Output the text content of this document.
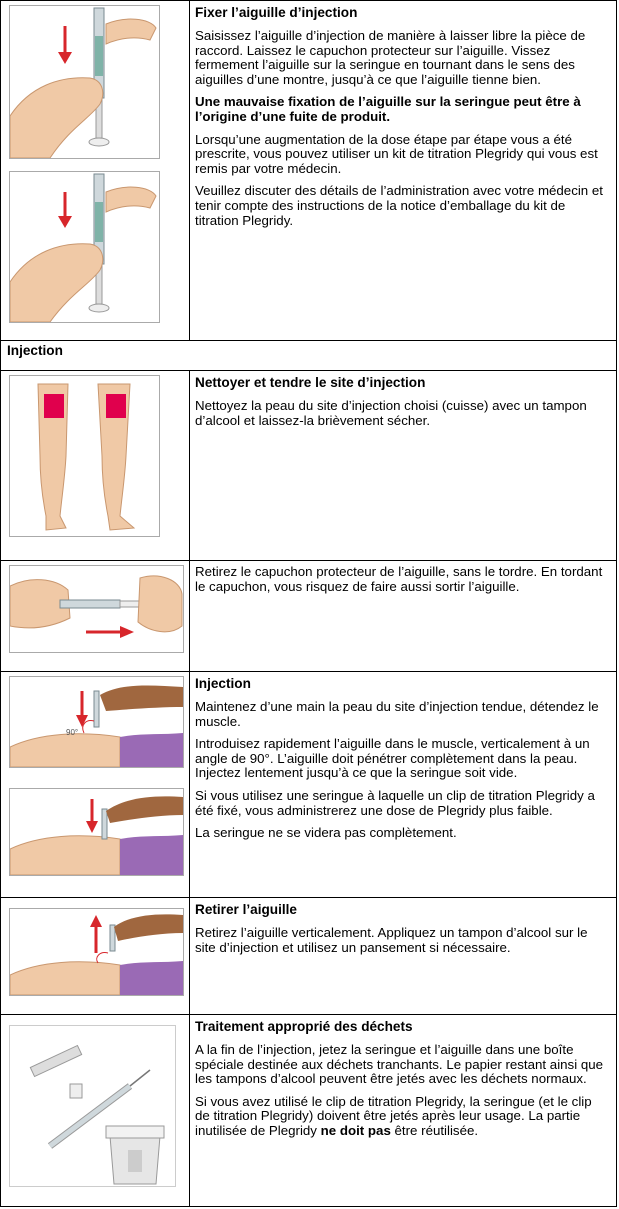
Fixer l’aiguille d’injection
Saisissez l’aiguille d’injection de manière à laisser libre la pièce de raccord. Laissez le capuchon protecteur sur l’aiguille. Vissez fermement l’aiguille sur la seringue en tournant dans le sens des aiguilles d’une montre, jusqu’à ce que l’aiguille tienne bien.
Une mauvaise fixation de l’aiguille sur la seringue peut être à l’origine d’une fuite de produit.
Lorsqu’une augmentation de la dose étape par étape vous a été prescrite, vous pouvez utiliser un kit de titration Plegridy qui vous est remis par votre médecin.
Veuillez discuter des détails de l’administration avec votre médecin et tenir compte des instructions de la notice d’emballage du kit de titration Plegridy.
Injection
Nettoyer et tendre le site d’injection
Nettoyez la peau du site d’injection choisi (cuisse) avec un tampon d’alcool et laissez-la brièvement sécher.
Retirez le capuchon protecteur de l’aiguille, sans le tordre. En tordant le capuchon, vous risquez de faire aussi sortir l’aiguille.
90°
Injection
Maintenez d’une main la peau du site d’injection tendue, détendez le muscle.
Introduisez rapidement l’aiguille dans le muscle, verticalement à un angle de 90°. L’aiguille doit pénétrer complètement dans la peau. Injectez lentement jusqu’à ce que la seringue soit vide.
Si vous utilisez une seringue à laquelle un clip de titration Plegridy a été fixé, vous administrerez une dose de Plegridy plus faible.
La seringue ne se videra pas complètement.
Retirer l’aiguille
Retirez l’aiguille verticalement. Appliquez un tampon d’alcool sur le site d’injection et utilisez un pansement si nécessaire.
Traitement approprié des déchets
A la fin de l’injection, jetez la seringue et l’aiguille dans une boîte spéciale destinée aux déchets tranchants. Le papier restant ainsi que les tampons d’alcool peuvent être jetés avec les déchets normaux.
Si vous avez utilisé le clip de titration Plegridy, la seringue (et le clip de titration Plegridy) doivent être jetés après leur usage. La partie inutilisée de Plegridy ne doit pas être réutilisée.
